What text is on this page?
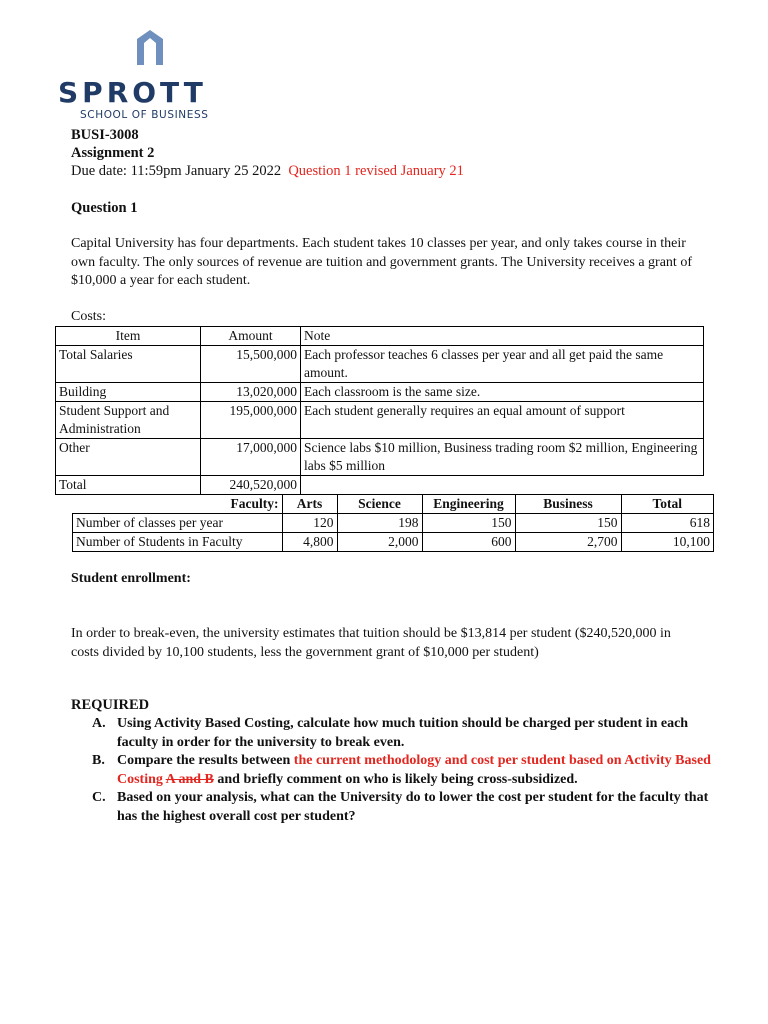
SPROTT
SCHOOL OF BUSINESS
BUSI-3008
Assignment 2
Due date: 11:59pm January 25 2022 Question 1 revised January 21
Question 1
Capital University has four departments. Each student takes 10 classes per year, and only takes course in their own faculty. The only sources of revenue are tuition and government grants. The University receives a grant of $10,000 a year for each student.
Costs:
Item	Amount	Note
Total Salaries	15,500,000	Each professor teaches 6 classes per year and all get paid the same amount.
Building	13,020,000	Each classroom is the same size.
Student Support and Administration	195,000,000	Each student generally requires an equal amount of support
Other	17,000,000	Science labs $10 million, Business trading room $2 million, Engineering labs $5 million
Total	240,520,000	
Faculty:	Arts	Science	Engineering	Business	Total
Number of classes per year	120	198	150	150	618
Number of Students in Faculty	4,800	2,000	600	2,700	10,100
Student enrollment:
In order to break-even, the university estimates that tuition should be $13,814 per student ($240,520,000 in costs divided by 10,100 students, less the government grant of $10,000 per student)
REQUIRED
A. Using Activity Based Costing, calculate how much tuition should be charged per student in each faculty in order for the university to break even.
B. Compare the results between the current methodology and cost per student based on Activity Based Costing A and B and briefly comment on who is likely being cross-subsidized.
C. Based on your analysis, what can the University do to lower the cost per student for the faculty that has the highest overall cost per student?
